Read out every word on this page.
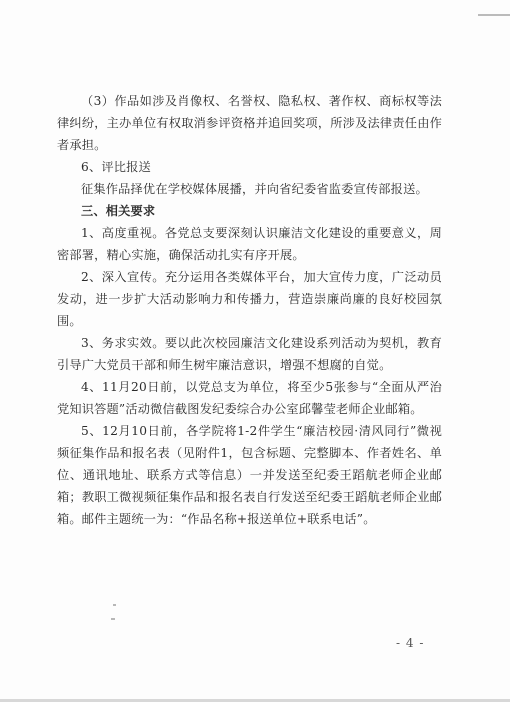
（3）作品如涉及肖像权、名誉权、隐私权、著作权、商标权等法律纠纷，主办单位有权取消参评资格并追回奖项，所涉及法律责任由作者承担。

6、评比报送

征集作品择优在学校媒体展播，并向省纪委省监委宣传部报送。

三、相关要求

1、高度重视。各党总支要深刻认识廉洁文化建设的重要意义，周密部署，精心实施，确保活动扎实有序开展。

2、深入宣传。充分运用各类媒体平台，加大宣传力度，广泛动员发动，进一步扩大活动影响力和传播力，营造崇廉尚廉的良好校园氛围。

3、务求实效。要以此次校园廉洁文化建设系列活动为契机，教育引导广大党员干部和师生树牢廉洁意识，增强不想腐的自觉。

4、11月20日前，以党总支为单位，将至少5张参与“全面从严治党知识答题”活动微信截图发纪委综合办公室邱馨莹老师企业邮箱。

5、12月10日前，各学院将1-2件学生“廉洁校园·清风同行”微视频征集作品和报名表（见附件1，包含标题、完整脚本、作者姓名、单位、通讯地址、联系方式等信息）一并发送至纪委王蹈航老师企业邮箱；教职工微视频征集作品和报名表自行发送至纪委王蹈航老师企业邮箱。邮件主题统一为：“作品名称+报送单位+联系电话”。

- 4 -
